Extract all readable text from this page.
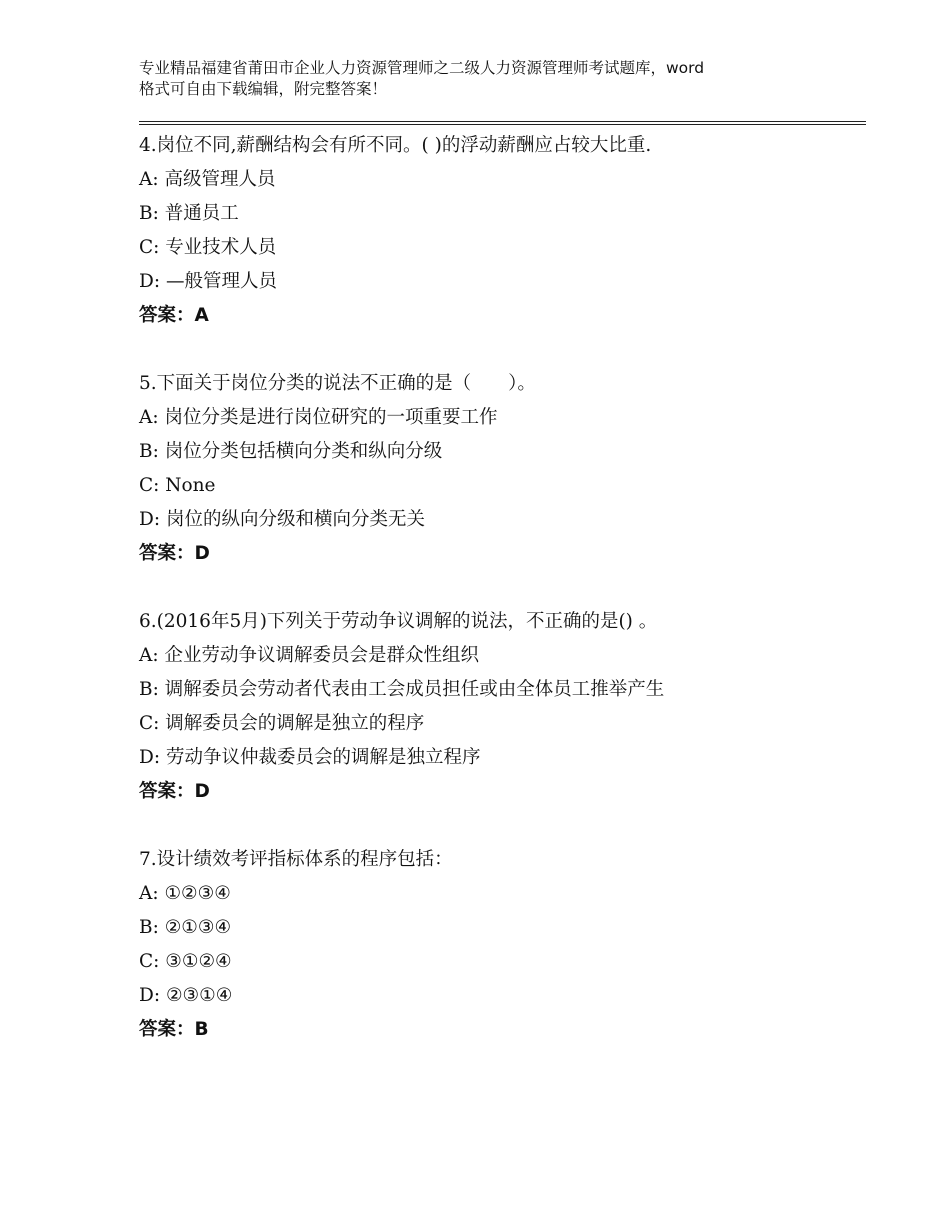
专业精品福建省莆田市企业人力资源管理师之二级人力资源管理师考试题库，word
格式可自由下载编辑，附完整答案！
4.岗位不同,薪酬结构会有所不同。( )的浮动薪酬应占较大比重.
A: 高级管理人员
B: 普通员工
C: 专业技术人员
D: —般管理人员
答案：A
5.下面关于岗位分类的说法不正确的是（　　）。
A: 岗位分类是进行岗位研究的一项重要工作
B: 岗位分类包括横向分类和纵向分级
C: None
D: 岗位的纵向分级和横向分类无关
答案：D
6.(2016年5月)下列关于劳动争议调解的说法，不正确的是() 。
A: 企业劳动争议调解委员会是群众性组织
B: 调解委员会劳动者代表由工会成员担任或由全体员工推举产生
C: 调解委员会的调解是独立的程序
D: 劳动争议仲裁委员会的调解是独立程序
答案：D
7.设计绩效考评指标体系的程序包括：
A: ①②③④
B: ②①③④
C: ③①②④
D: ②③①④
答案：B
